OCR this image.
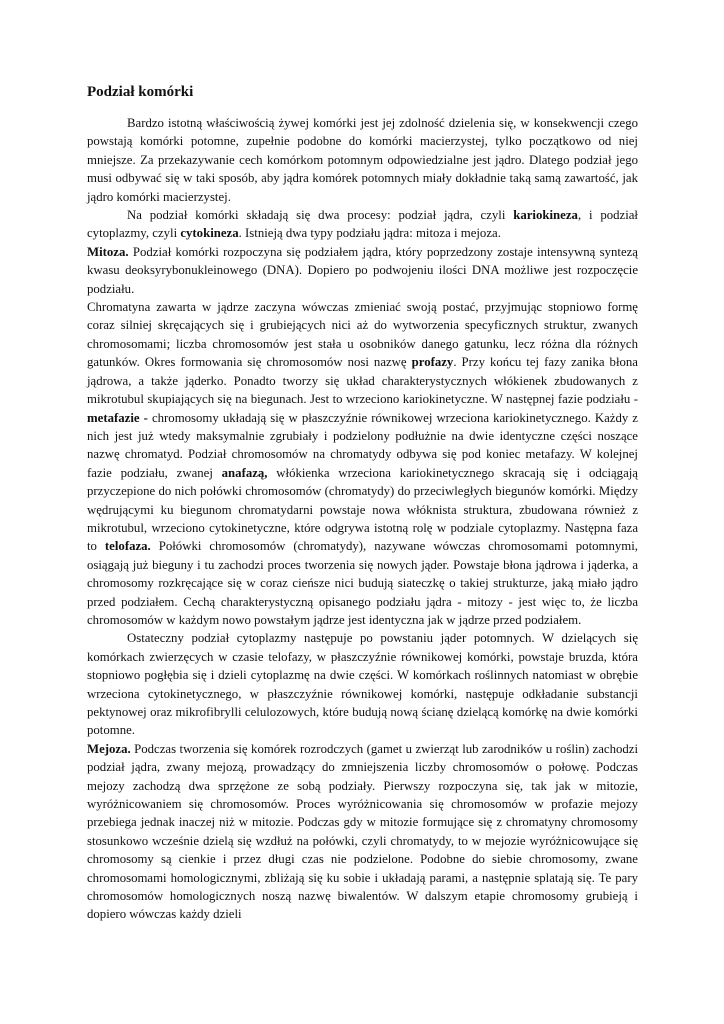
Podział komórki

Bardzo istotną właściwością żywej komórki jest jej zdolność dzielenia się, w konsekwencji czego powstają komórki potomne, zupełnie podobne do komórki macierzystej, tylko początkowo od niej mniejsze. Za przekazywanie cech komórkom potomnym odpowiedzialne jest jądro. Dlatego podział jego musi odbywać się w taki sposób, aby jądra komórek potomnych miały dokładnie taką samą zawartość, jak jądro komórki macierzystej.

Na podział komórki składają się dwa procesy: podział jądra, czyli kariokineza, i podział cytoplazmy, czyli cytokineza. Istnieją dwa typy podziału jądra: mitoza i mejoza.

Mitoza. Podział komórki rozpoczyna się podziałem jądra, który poprzedzony zostaje intensywną syntezą kwasu deoksyrybonukleinowego (DNA). Dopiero po podwojeniu ilości DNA możliwe jest rozpoczęcie podziału.

Chromatyna zawarta w jądrze zaczyna wówczas zmieniać swoją postać, przyjmując stopniowo formę coraz silniej skręcających się i grubiejących nici aż do wytworzenia specyficznych struktur, zwanych chromosomami; liczba chromosomów jest stała u osobników danego gatunku, lecz różna dla różnych gatunków. Okres formowania się chromosomów nosi nazwę profazy. Przy końcu tej fazy zanika błona jądrowa, a także jąderko. Ponadto tworzy się układ charakterystycznych włókienek zbudowanych z mikrotubul skupiających się na biegunach. Jest to wrzeciono kariokinetyczne. W następnej fazie podziału - metafazie - chromosomy układają się w płaszczyźnie równikowej wrzeciona kariokinetycznego. Każdy z nich jest już wtedy maksymalnie zgrubiały i podzielony podłużnie na dwie identyczne części noszące nazwę chromatyd. Podział chromosomów na chromatydy odbywa się pod koniec metafazy. W kolejnej fazie podziału, zwanej anafazą, włókienka wrzeciona kariokinetycznego skracają się i odciągają przyczepione do nich połówki chromosomów (chromatydy) do przeciwległych biegunów komórki. Między wędrującymi ku biegunom chromatydarni powstaje nowa włóknista struktura, zbudowana również z mikrotubul, wrzeciono cytokinetyczne, które odgrywa istotną rolę w podziale cytoplazmy. Następna faza to telofaza. Połówki chromosomów (chromatydy), nazywane wówczas chromosomami potomnymi, osiągają już bieguny i tu zachodzi proces tworzenia się nowych jąder. Powstaje błona jądrowa i jąderka, a chromosomy rozkręcające się w coraz cieńsze nici budują siateczkę o takiej strukturze, jaką miało jądro przed podziałem. Cechą charakterystyczną opisanego podziału jądra - mitozy - jest więc to, że liczba chromosomów w każdym nowo powstałym jądrze jest identyczna jak w jądrze przed podziałem.

Ostateczny podział cytoplazmy następuje po powstaniu jąder potomnych. W dzielących się komórkach zwierzęcych w czasie telofazy, w płaszczyźnie równikowej komórki, powstaje bruzda, która stopniowo pogłębia się i dzieli cytoplazmę na dwie części. W komórkach roślinnych natomiast w obrębie wrzeciona cytokinetycznego, w płaszczyźnie równikowej komórki, następuje odkładanie substancji pektynowej oraz mikrofibrylli celulozowych, które budują nową ścianę dzielącą komórkę na dwie komórki potomne.

Mejoza. Podczas tworzenia się komórek rozrodczych (gamet u zwierząt lub zarodników u roślin) zachodzi podział jądra, zwany mejozą, prowadzący do zmniejszenia liczby chromosomów o połowę. Podczas mejozy zachodzą dwa sprzężone ze sobą podziały. Pierwszy rozpoczyna się, tak jak w mitozie, wyróżnicowaniem się chromosomów. Proces wyróżnicowania się chromosomów w profazie mejozy przebiega jednak inaczej niż w mitozie. Podczas gdy w mitozie formujące się z chromatyny chromosomy stosunkowo wcześnie dzielą się wzdłuż na połówki, czyli chromatydy, to w mejozie wyróżnicowujące się chromosomy są cienkie i przez długi czas nie podzielone. Podobne do siebie chromosomy, zwane chromosomami homologicznymi, zbliżają się ku sobie i układają parami, a następnie splatają się. Te pary chromosomów homologicznych noszą nazwę biwalentów. W dalszym etapie chromosomy grubieją i dopiero wówczas każdy dzieli
